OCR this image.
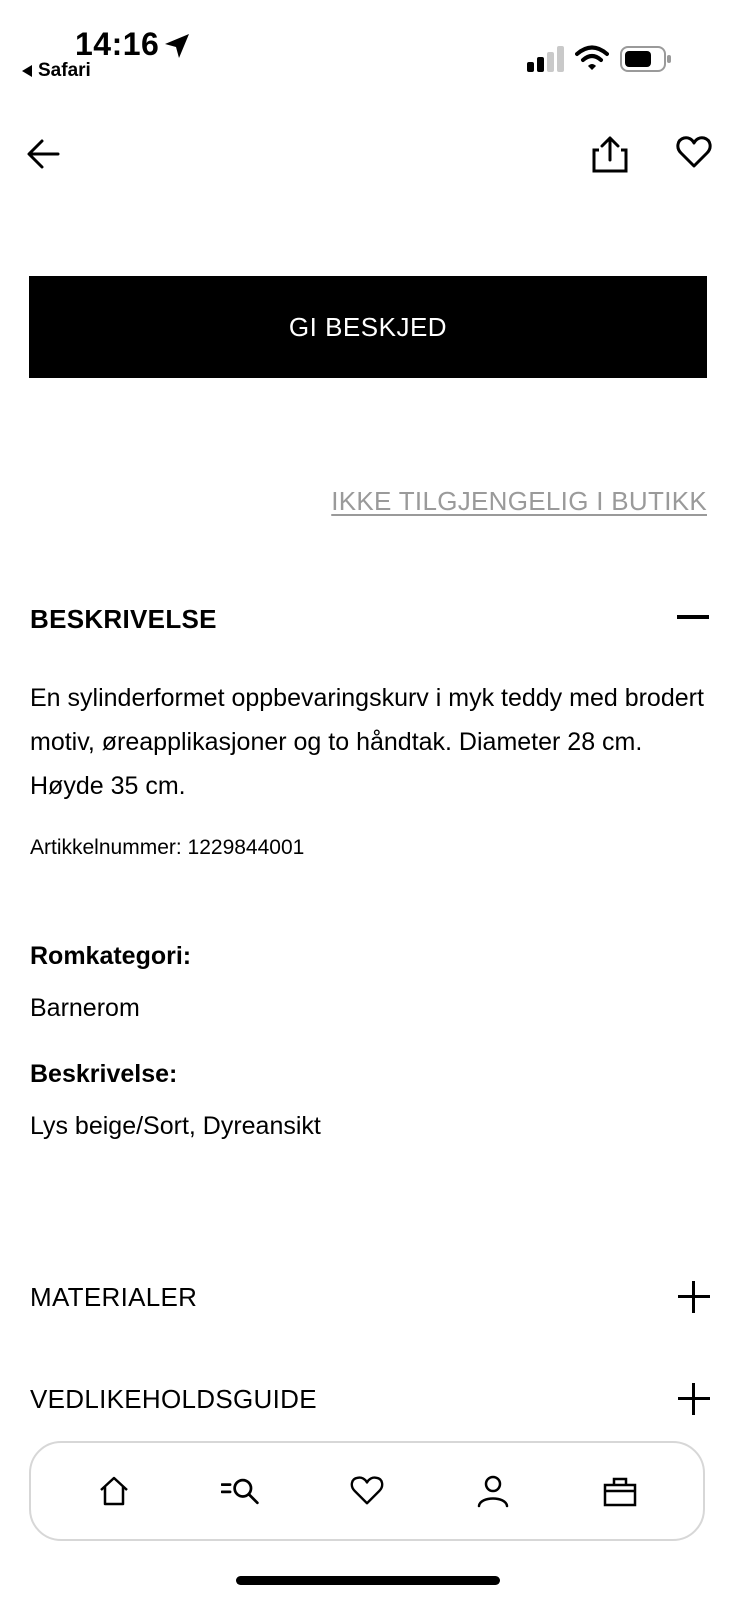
14:16
Safari
GI BESKJED
IKKE TILGJENGELIG I BUTIKK
BESKRIVELSE
En sylinderformet oppbevaringskurv i myk teddy med brodert motiv, øreapplikasjoner og to håndtak. Diameter 28 cm. Høyde 35 cm.
Artikkelnummer: 1229844001
Romkategori:
Barnerom
Beskrivelse:
Lys beige/Sort, Dyreansikt
MATERIALER
VEDLIKEHOLDSGUIDE
